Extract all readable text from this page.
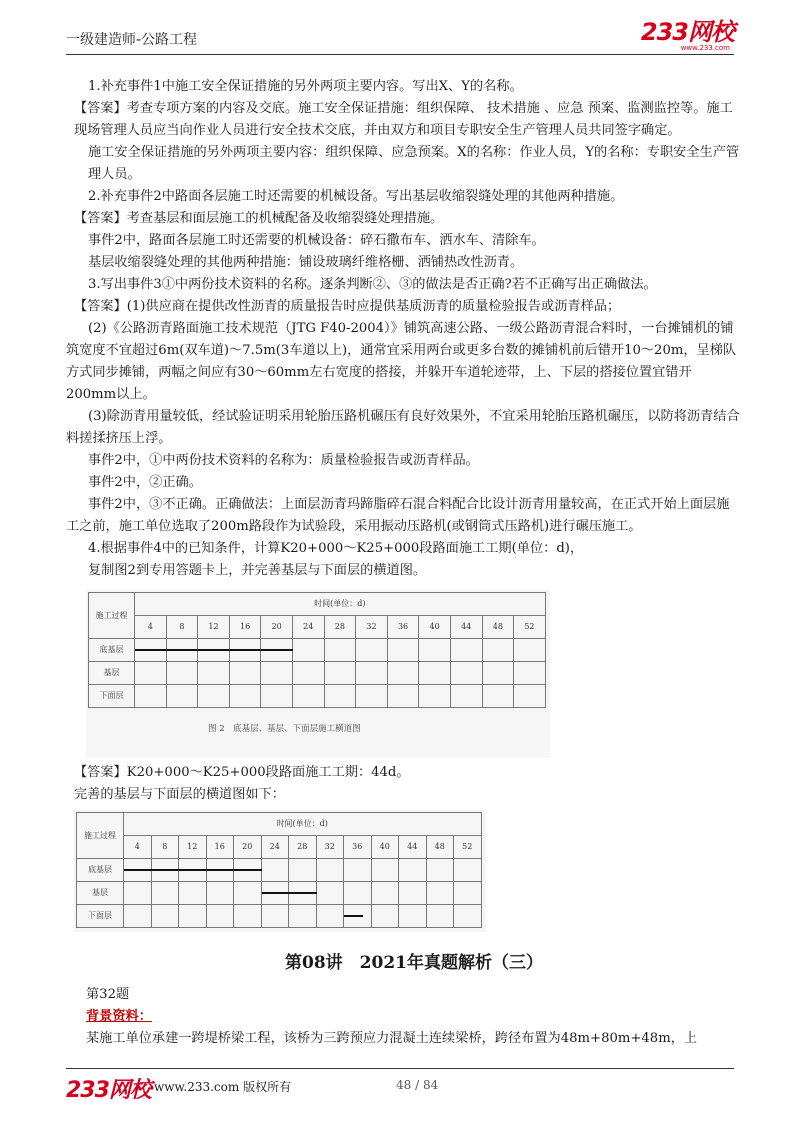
一级建造师-公路工程	233网校
www.233.com

1.补充事件1中施工安全保证措施的另外两项主要内容。写出X、Y的名称。

【答案】考查专项方案的内容及交底。施工安全保证措施：组织保障、 技术措施 、应急 预案、监测监控等。施工现场管理人员应当向作业人员进行安全技术交底，并由双方和项目专职安全生产管理人员共同签字确定。

施工安全保证措施的另外两项主要内容：组织保障、应急预案。X的名称：作业人员，Y的名称：专职安全生产管理人员。

2.补充事件2中路面各层施工时还需要的机械设备。写出基层收缩裂缝处理的其他两种措施。

【答案】考查基层和面层施工的机械配备及收缩裂缝处理措施。

事件2中，路面各层施工时还需要的机械设备：碎石撒布车、洒水车、清除车。

基层收缩裂缝处理的其他两种措施：铺设玻璃纤维格栅、洒铺热改性沥青。

3.写出事件3①中两份技术资料的名称。逐条判断②、③的做法是否正确?若不正确写出正确做法。

【答案】(1)供应商在提供改性沥青的质量报告时应提供基质沥青的质量检验报告或沥青样品；

(2)《公路沥青路面施工技术规范（JTG F40-2004）》铺筑高速公路、一级公路沥青混合料时，一台摊铺机的铺筑宽度不宜超过6m(双车道)～7.5m(3车道以上)，通常宜采用两台或更多台数的摊铺机前后错开10～20m，呈梯队方式同步摊铺，两幅之间应有30～60mm左右宽度的搭接，并躲开车道轮迹带，上、下层的搭接位置宜错开200mm以上。

(3)除沥青用量较低，经试验证明采用轮胎压路机碾压有良好效果外，不宜采用轮胎压路机碾压，以防将沥青结合料搓揉挤压上浮。

事件2中，①中两份技术资料的名称为：质量检验报告或沥青样品。

事件2中，②正确。

事件2中，③不正确。正确做法：上面层沥青玛蹄脂碎石混合料配合比设计沥青用量较高，在正式开始上面层施工之前，施工单位选取了200m路段作为试验段，采用振动压路机(或钢筒式压路机)进行碾压施工。

4.根据事件4中的已知条件，计算K20+000～K25+000段路面施工工期(单位：d)，

复制图2到专用答题卡上，并完善基层与下面层的横道图。

施工过程	时间(单位：d)												
	4	8	12	16	20	24	28	32	36	40	44	48	52
底基层	

基层													
下面层													
图 2　底基层、基层、下面层施工横道图

【答案】K20+000～K25+000段路面施工工期：44d。

完善的基层与下面层的横道图如下：

施工过程	时间(单位：d)												
	4	8	12	16	20	24	28	32	36	40	44	48	52
底基层	

基层						

下面层									

第08讲　2021年真题解析（三）

第32题

背景资料：

某施工单位承建一跨堤桥梁工程，该桥为三跨预应力混凝土连续梁桥，跨径布置为48m+80m+48m，上

233网校 www.233.com 版权所有	48 / 84
